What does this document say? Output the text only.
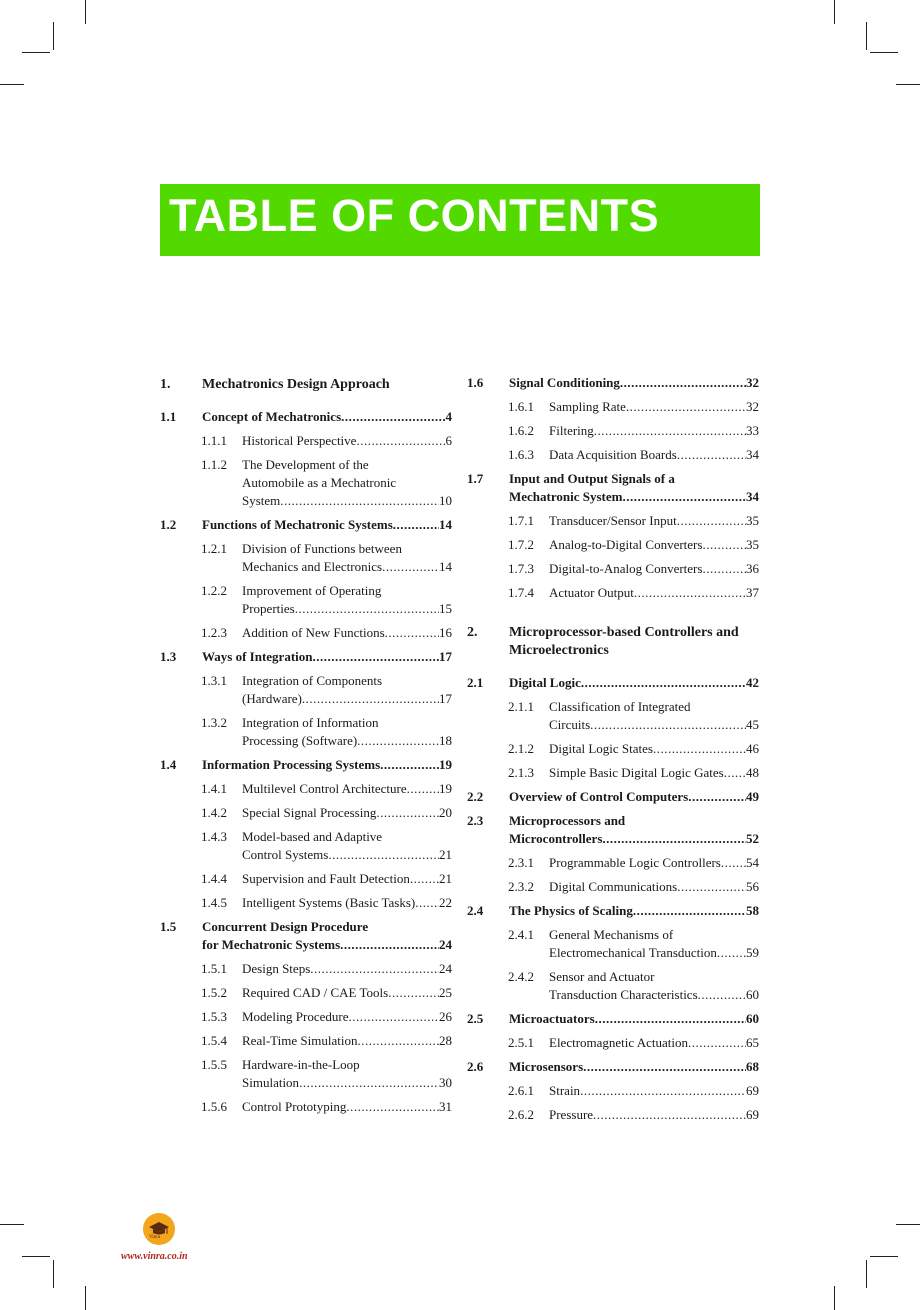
TABLE OF CONTENTS
1.	Mechatronics Design Approach
1.1	Concept of Mechatronics .....	4
1.1.1	Historical Perspective .....	6
1.1.2	The Development of the
Automobile as a Mechatronic
System .....	10
1.2	Functions of Mechatronic Systems .....	14
1.2.1	Division of Functions between
Mechanics and Electronics .....	14
1.2.2	Improvement of Operating
Properties .....	15
1.2.3	Addition of New Functions .....	16
1.3	Ways of Integration .....	17
1.3.1	Integration of Components
(Hardware) .....	17
1.3.2	Integration of Information
Processing (Software) .....	18
1.4	Information Processing Systems .....	19
1.4.1	Multilevel Control Architecture ..... 19
1.4.2	Special Signal Processing .....	20
1.4.3	Model-based and Adaptive
Control Systems .....	21
1.4.4	Supervision and Fault Detection ..... 21
1.4.5	Intelligent Systems (Basic Tasks) ..... 22
1.5	Concurrent Design Procedure
for Mechatronic Systems .....	24
1.5.1	Design Steps .....	24
1.5.2	Required CAD / CAE Tools .....	25
1.5.3	Modeling Procedure .....	26
1.5.4	Real-Time Simulation .....	28
1.5.5	Hardware-in-the-Loop
Simulation .....	30
1.5.6	Control Prototyping .....	31
1.6	Signal Conditioning .....	32
1.6.1	Sampling Rate .....	32
1.6.2	Filtering .....	33
1.6.3	Data Acquisition Boards .....	34
1.7	Input and Output Signals of a
Mechatronic System .....	34
1.7.1	Transducer/Sensor Input .....	35
1.7.2	Analog-to-Digital Converters .....	35
1.7.3	Digital-to-Analog Converters .....	36
1.7.4	Actuator Output .....	37
2.	Microprocessor-based Controllers and Microelectronics
2.1	Digital Logic .....	42
2.1.1	Classification of Integrated
Circuits .....	45
2.1.2	Digital Logic States .....	46
2.1.3	Simple Basic Digital Logic Gates ..... 48
2.2	Overview of Control Computers .....	49
2.3	Microprocessors and
Microcontrollers .....	52
2.3.1	Programmable Logic Controllers ..... 54
2.3.2	Digital Communications .....	56
2.4	The Physics of Scaling .....	58
2.4.1	General Mechanisms of
Electromechanical Transduction ..... 59
2.4.2	Sensor and Actuator
Transduction Characteristics .....	60
2.5	Microactuators .....	60
2.5.1	Electromagnetic Actuation .....	65
2.6	Microsensors .....	68
2.6.1	Strain .....	69
2.6.2	Pressure .....	69
Vinra
www.vinra.co.in
